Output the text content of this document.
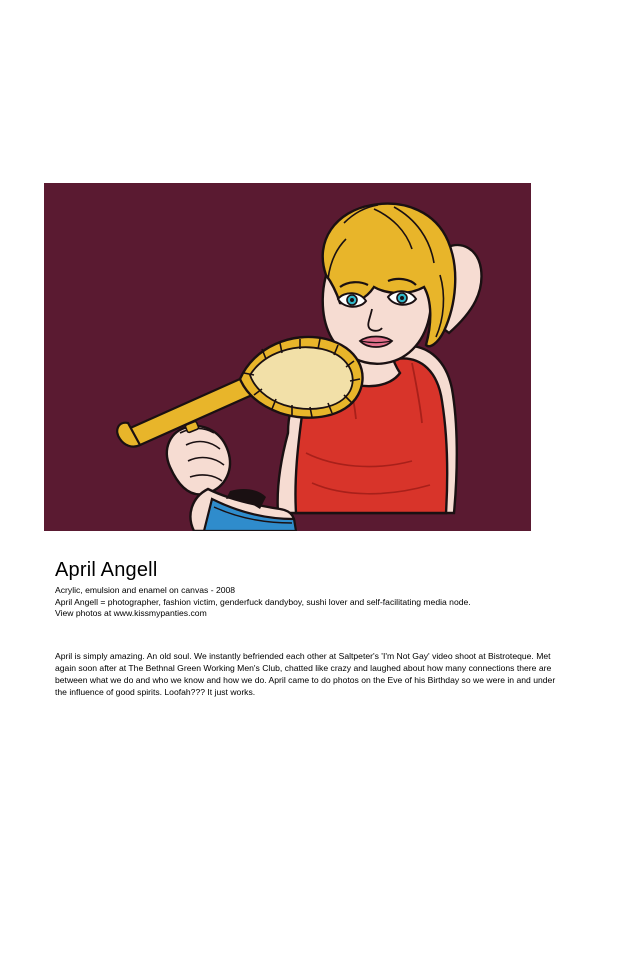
April Angell

Acrylic, emulsion and enamel on canvas - 2008

April Angell = photographer, fashion victim, genderfuck dandyboy, sushi lover and self-facilitating media node.

View photos at www.kissmypanties.com

April is simply amazing. An old soul. We instantly befriended each other at Saltpeter's 'I'm Not Gay' video shoot at Bistroteque. Met again soon after at The Bethnal Green Working Men's Club, chatted like crazy and laughed about how many connections there are between what we do and who we know and how we do. April came to do photos on the Eve of his Birthday so we were in and under the influence of good spirits. Loofah??? It just works.
